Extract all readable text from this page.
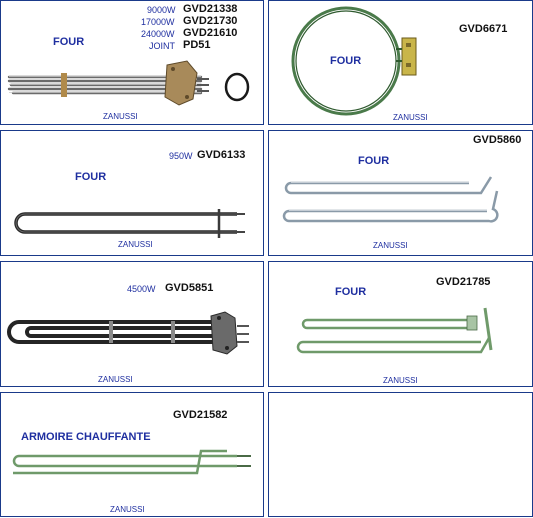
FOUR
9000W GVD21338
17000W GVD21730
24000W GVD21610
JOINT PD51
ZANUSSI
GVD6671
FOUR
ZANUSSI
950W GVD6133
FOUR
ZANUSSI
GVD5860
FOUR
ZANUSSI
4500W GVD5851
ZANUSSI
GVD21785
FOUR
ZANUSSI
GVD21582
ARMOIRE CHAUFFANTE
ZANUSSI
